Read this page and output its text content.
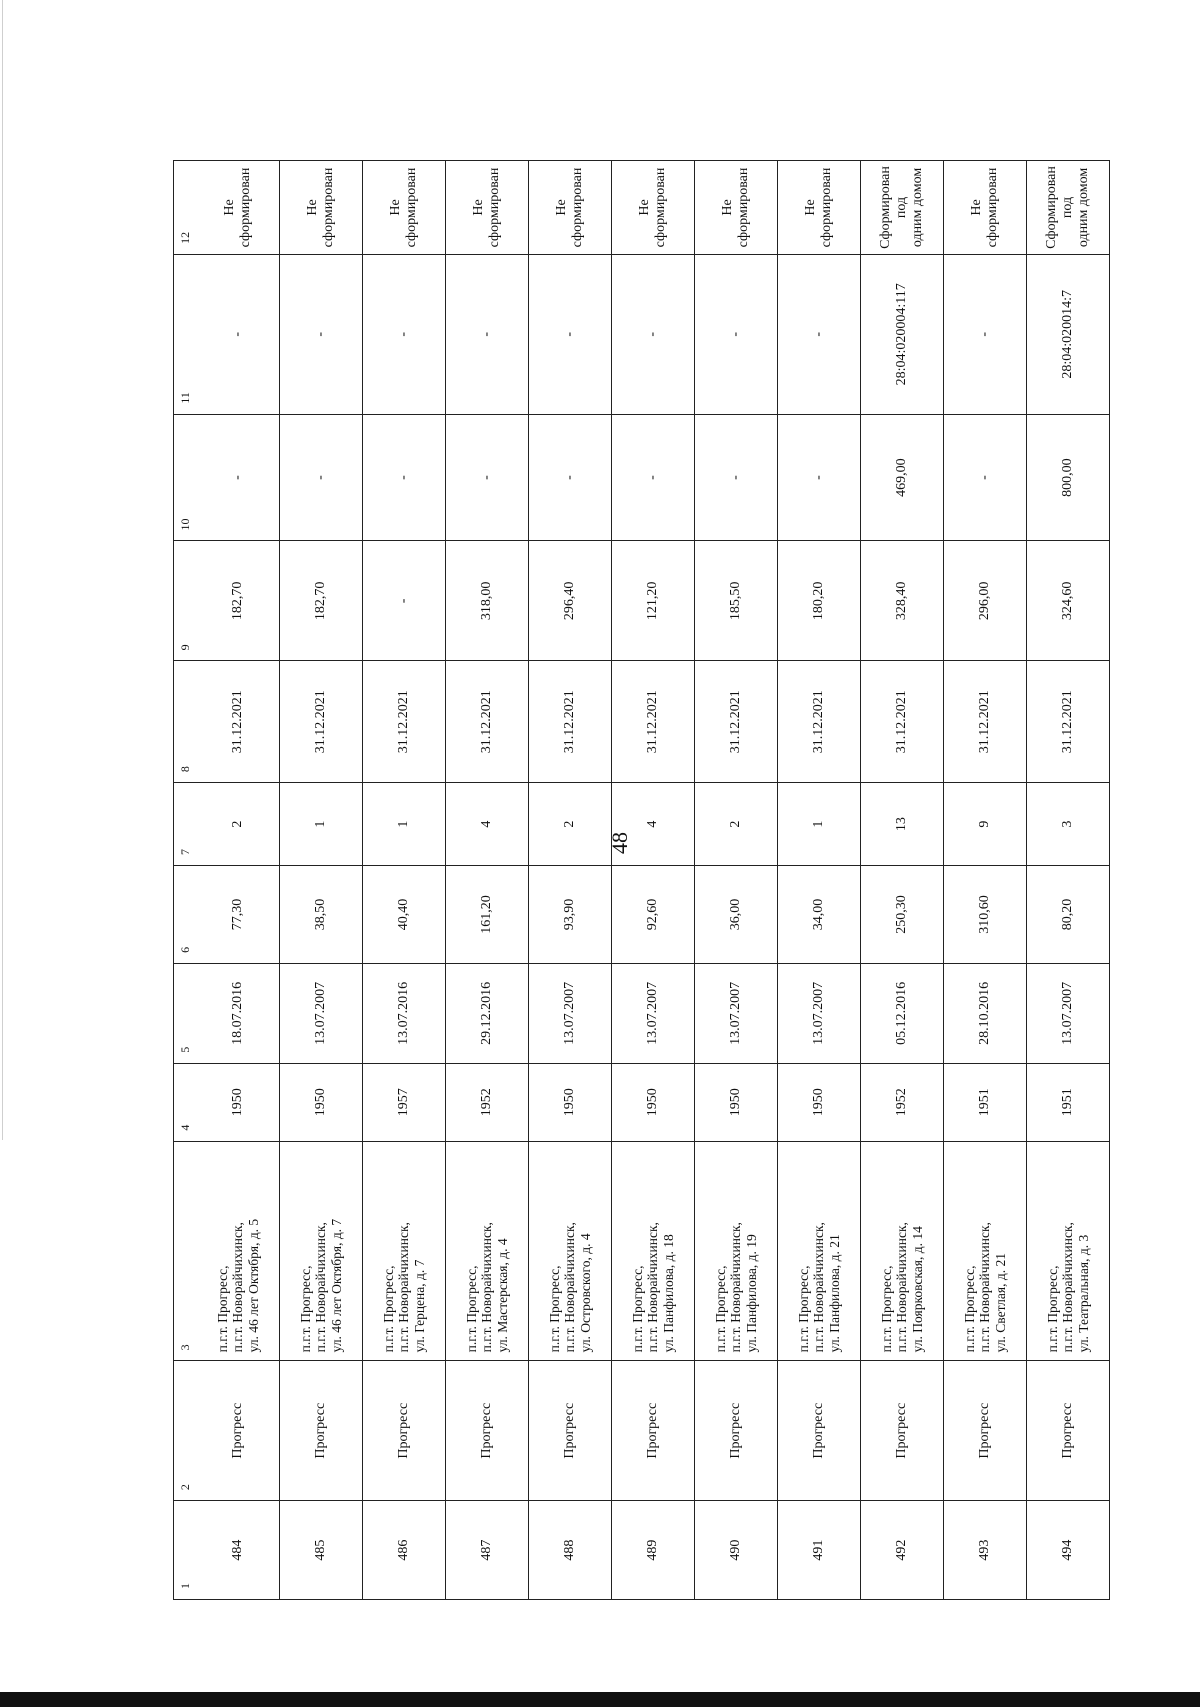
48
1
2
3
4
5
6
7
8
9
10
11
12
484
Прогресс
п.г.т. Прогресс,
п.г.т. Новорайчихинск,
ул. 46 лет Октября, д. 5
1950
18.07.2016
77,30
2
31.12.2021
182,70
-
-
Не сформирован
485
Прогресс
п.г.т. Прогресс,
п.г.т. Новорайчихинск,
ул. 46 лет Октября, д. 7
1950
13.07.2007
38,50
1
31.12.2021
182,70
-
-
Не сформирован
486
Прогресс
п.г.т. Прогресс,
п.г.т. Новорайчихинск,
ул. Герцена, д. 7
1957
13.07.2016
40,40
1
31.12.2021
-
-
-
Не сформирован
487
Прогресс
п.г.т. Прогресс,
п.г.т. Новорайчихинск,
ул. Мастерская, д. 4
1952
29.12.2016
161,20
4
31.12.2021
318,00
-
-
Не сформирован
488
Прогресс
п.г.т. Прогресс,
п.г.т. Новорайчихинск,
ул. Островского, д. 4
1950
13.07.2007
93,90
2
31.12.2021
296,40
-
-
Не сформирован
489
Прогресс
п.г.т. Прогресс,
п.г.т. Новорайчихинск,
ул. Панфилова, д. 18
1950
13.07.2007
92,60
4
31.12.2021
121,20
-
-
Не сформирован
490
Прогресс
п.г.т. Прогресс,
п.г.т. Новорайчихинск,
ул. Панфилова, д. 19
1950
13.07.2007
36,00
2
31.12.2021
185,50
-
-
Не сформирован
491
Прогресс
п.г.т. Прогресс,
п.г.т. Новорайчихинск,
ул. Панфилова, д. 21
1950
13.07.2007
34,00
1
31.12.2021
180,20
-
-
Не сформирован
492
Прогресс
п.г.т. Прогресс,
п.г.т. Новорайчихинск,
ул. Поярковская, д. 14
1952
05.12.2016
250,30
13
31.12.2021
328,40
469,00
28:04:020004:117
Сформирован под
одним домом
493
Прогресс
п.г.т. Прогресс,
п.г.т. Новорайчихинск,
ул. Светлая, д. 21
1951
28.10.2016
310,60
9
31.12.2021
296,00
-
-
Не сформирован
494
Прогресс
п.г.т. Прогресс,
п.г.т. Новорайчихинск,
ул. Театральная, д. 3
1951
13.07.2007
80,20
3
31.12.2021
324,60
800,00
28:04:020014:7
Сформирован под
одним домом
